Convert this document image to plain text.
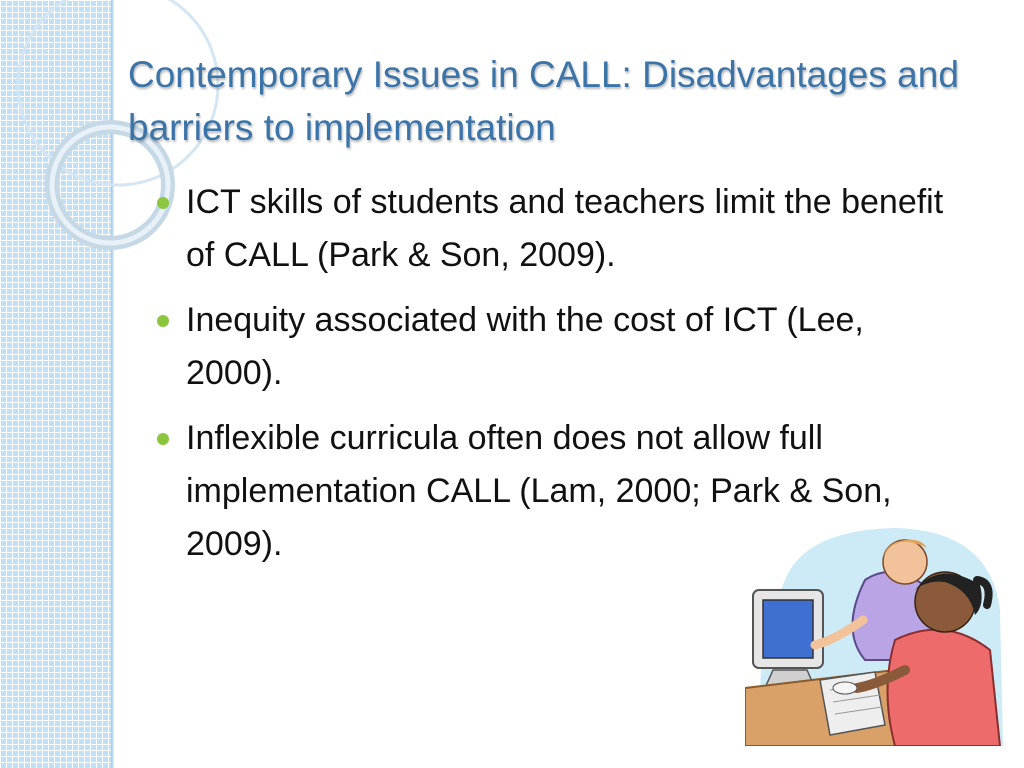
Contemporary Issues in CALL: Disadvantages and barriers to implementation
ICT skills of students and teachers limit the benefit of CALL (Park & Son, 2009).
Inequity associated with the cost of ICT (Lee, 2000).
Inflexible curricula often does not allow full implementation CALL (Lam, 2000; Park & Son, 2009).
